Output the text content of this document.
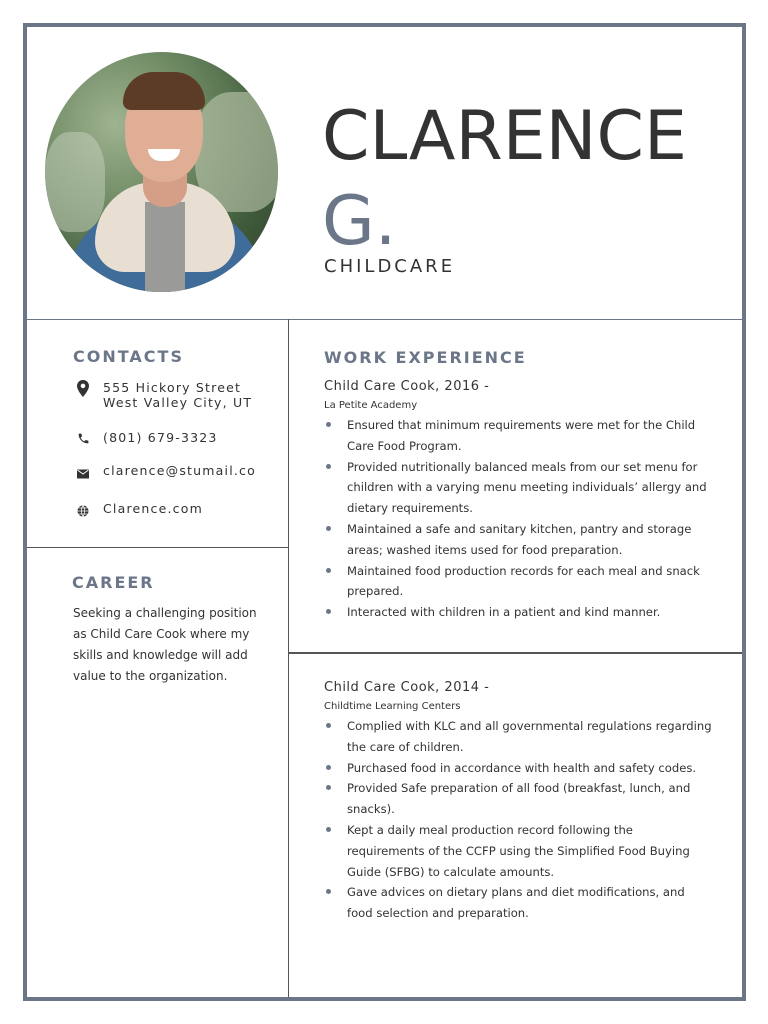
CLARENCE
G.
CHILDCARE
CONTACTS
555 Hickory Street
West Valley City, UT
(801) 679-3323
clarence@stumail.co
Clarence.com
CAREER
Seeking a challenging position as Child Care Cook where my skills and knowledge will add value to the organization.
WORK EXPERIENCE
Child Care Cook, 2016 -
La Petite Academy
Ensured that minimum requirements were met for the Child Care Food Program.
Provided nutritionally balanced meals from our set menu for children with a varying menu meeting individuals’ allergy and dietary requirements.
Maintained a safe and sanitary kitchen, pantry and storage areas; washed items used for food preparation.
Maintained food production records for each meal and snack prepared.
Interacted with children in a patient and kind manner.
Child Care Cook, 2014 -
Childtime Learning Centers
Complied with KLC and all governmental regulations regarding the care of children.
Purchased food in accordance with health and safety codes.
Provided Safe preparation of all food (breakfast, lunch, and snacks).
Kept a daily meal production record following the requirements of the CCFP using the Simplified Food Buying Guide (SFBG) to calculate amounts.
Gave advices on dietary plans and diet modifications, and food selection and preparation.
